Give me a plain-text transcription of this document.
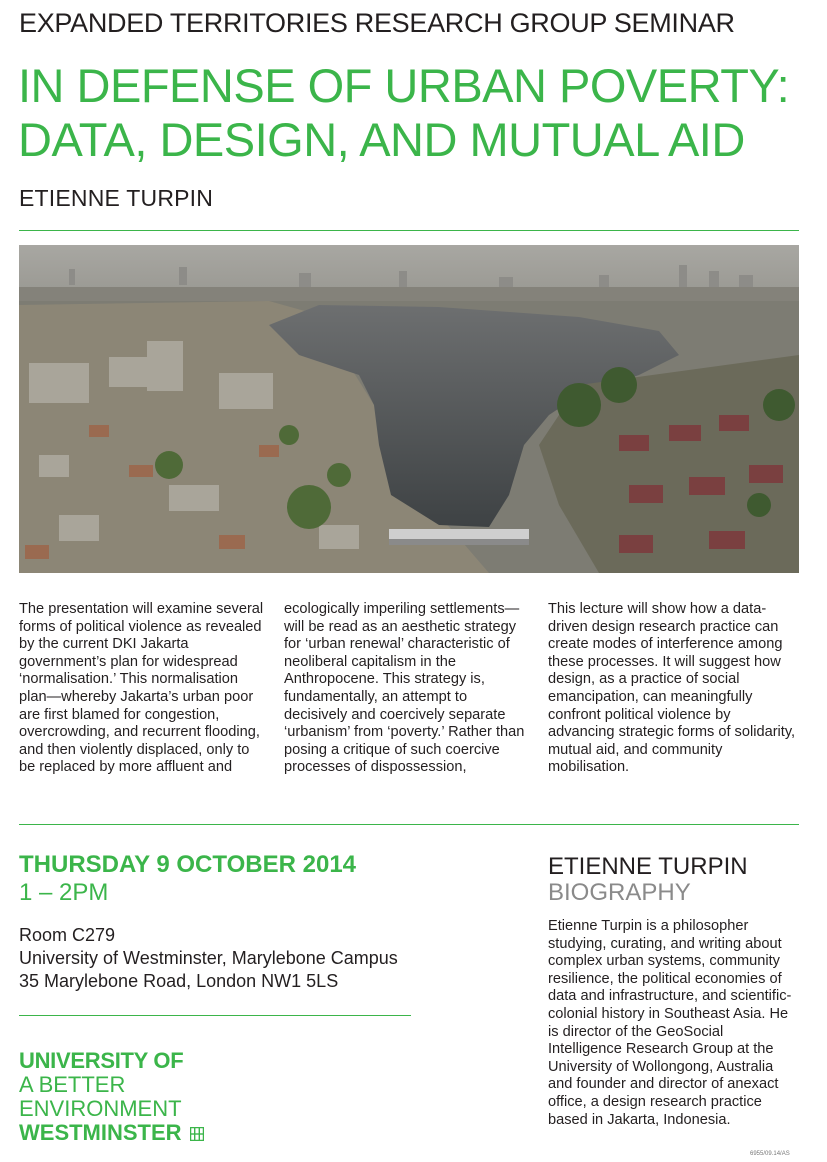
EXPANDED TERRITORIES RESEARCH GROUP SEMINAR
IN DEFENSE OF URBAN POVERTY:
DATA, DESIGN, AND MUTUAL AID
ETIENNE TURPIN
The presentation will examine several forms of political violence as revealed by the current DKI Jakarta government’s plan for widespread ‘normalisation.’ This normalisation plan—whereby Jakarta’s urban poor are first blamed for congestion, overcrowding, and recurrent flooding, and then violently displaced, only to be replaced by more affluent and
ecologically imperiling settlements—will be read as an aesthetic strategy for ‘urban renewal’ characteristic of neoliberal capitalism in the Anthropocene. This strategy is, fundamentally, an attempt to decisively and coercively separate ‘urbanism’ from ‘poverty.’ Rather than posing a critique of such coercive processes of dispossession,
This lecture will show how a data-driven design research practice can create modes of interference among these processes. It will suggest how design, as a practice of social emancipation, can meaningfully confront political violence by advancing strategic forms of solidarity, mutual aid, and community mobilisation.
THURSDAY 9 OCTOBER 2014
1 – 2PM
Room C279
University of Westminster, Marylebone Campus
35 Marylebone Road, London NW1 5LS
UNIVERSITY OF
A BETTER
ENVIRONMENT
WESTMINSTER
ETIENNE TURPIN
BIOGRAPHY
Etienne Turpin is a philosopher studying, curating, and writing about complex urban systems, community resilience, the political economies of data and infrastructure, and scientific-colonial history in Southeast Asia. He is director of the GeoSocial Intelligence Research Group at the University of Wollongong, Australia and founder and director of anexact office, a design research practice based in Jakarta, Indonesia.
6955/09.14/AS
